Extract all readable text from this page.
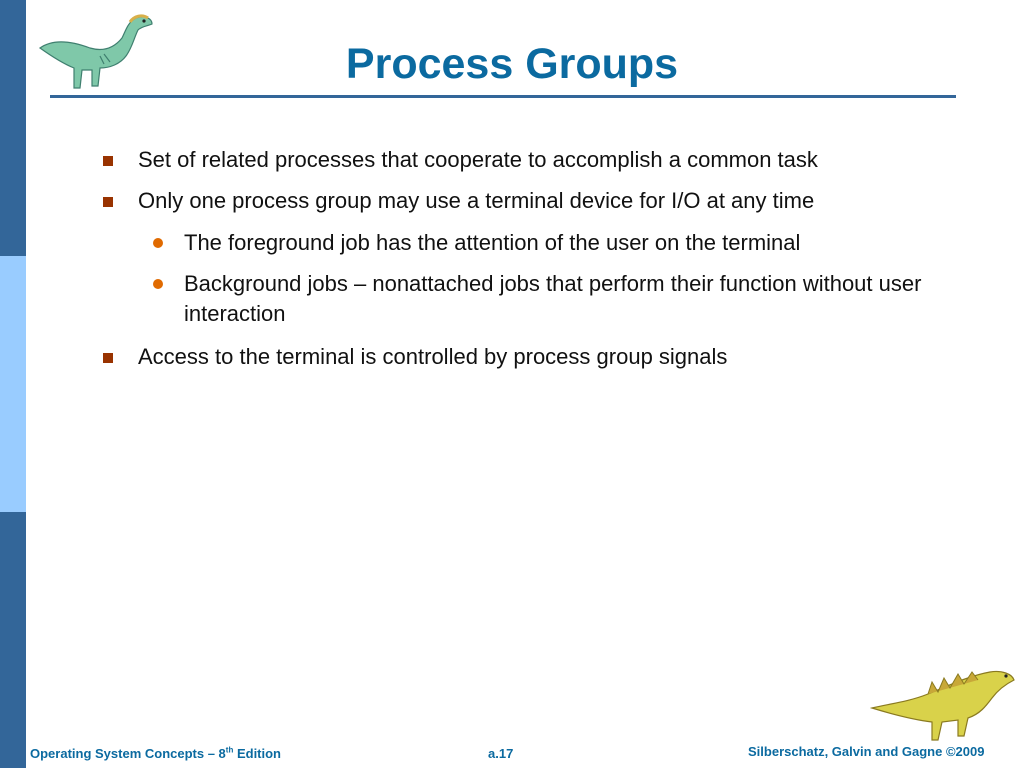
Process Groups
Set of related processes that cooperate to accomplish a common task
Only one process group may use a terminal device for I/O at any time
The foreground job has the attention of the user on the terminal
Background jobs – nonattached jobs that perform their function without user interaction
Access to the terminal is controlled by process group signals
Operating System Concepts – 8th Edition	a.17	Silberschatz, Galvin and Gagne ©2009
